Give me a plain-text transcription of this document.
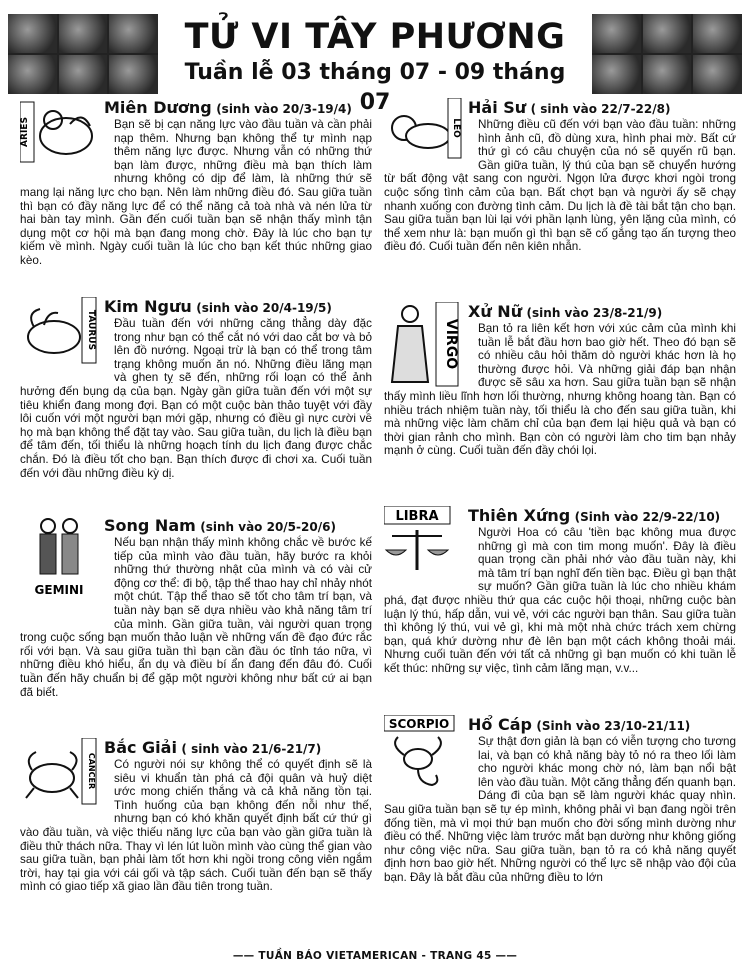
TỬ VI TÂY PHƯƠNG
Tuần lễ 03 tháng 07 - 09 tháng 07
ARIES
Miên Dương (sinh vào 20/3-19/4)

Bạn sẽ bị cạn năng lực vào đầu tuần và cần phải nạp thêm. Nhưng bạn không thể tự mình nạp thêm năng lực được. Nhưng vẫn có những thứ bạn làm được, những điều mà bạn thích làm nhưng không có dịp để làm, là những thứ sẽ mang lại năng lực cho bạn. Nên làm những điều đó. Sau giữa tuần thì bạn có đầy năng lực để có thể năng cả toà nhà và nén lửa từ hai bàn tay mình. Gần đến cuối tuần bạn sẽ nhận thấy mình tận dụng một cơ hội mà bạn đang mong chờ. Đây là lúc cho bạn tự kiếm về mình. Ngày cuối tuần là lúc cho bạn kết thúc những giao kèo.

TAURUS
Kim Ngưu (sinh vào 20/4-19/5)

Đầu tuần đến với những căng thẳng dày đặc trong như bạn có thể cắt nó với dao cắt bơ và bỏ lên đồ nướng. Ngoại trừ là bạn có thể trong tâm trạng không muốn ăn nó. Những điều lãng mạn và ghen tỵ sẽ đến, những rối loạn có thể ảnh hưởng đến bụng dạ của bạn. Ngày gần giữa tuần đến với một sự tiêu khiển đang mong đợi. Bạn có một cuộc bàn thảo tuyệt với đầy lôi cuốn với một người bạn mới gặp, nhưng có điều gì nực cười về họ mà bạn không thể đặt tay vào. Sau giữa tuần, du lịch là điều bạn để tâm đến, tối thiểu là những hoạch tính du lịch đang được chắc chắn. Đó là điều tốt cho bạn. Bạn thích được đi chơi xa. Cuối tuần đến với đầu những điều kỳ dị.

GEMINI
Song Nam (sinh vào 20/5-20/6)

Nếu bạn nhận thấy mình không chắc về bước kế tiếp của mình vào đầu tuần, hãy bước ra khỏi những thứ thường nhật của mình và có vài cử động cơ thể: đi bộ, tập thể thao hay chỉ nhảy nhót một chút. Tập thể thao sẽ tốt cho tâm trí bạn, và tuần này bạn sẽ dựa nhiều vào khả năng tâm trí của mình. Gần giữa tuần, vài người quan trọng trong cuộc sống bạn muốn thảo luận về những vấn đề đạo đức rắc rối với bạn. Và sau giữa tuần thì bạn cần đầu óc tỉnh táo nữa, vì những điều khó hiểu, ẩn dụ và điều bí ẩn đang đến đâu đó. Cuối tuần đến hãy chuẩn bị để gặp một người không như bất cứ ai bạn đã biết.

CANCER
Bắc Giải ( sinh vào 21/6-21/7)

Có người nói sự không thể có quyết định sẽ là siêu vi khuẩn tàn phá cả đội quân và huỷ diệt ước mong chiến thắng và cả khả năng tồn tại. Tình huống của bạn không đến nỗi như thế, nhưng bạn có khó khăn quyết định bất cứ thứ gì vào đầu tuần, và việc thiếu năng lực của bạn vào gần giữa tuần là điều thử thách nữa. Thay vì lén lút luồn mình vào cùng thể gian vào sau giữa tuần, bạn phải làm tốt hơn khi ngồi trong công viên ngắm trời, hay tại gia với cái gối và tập sách. Cuối tuần đến bạn sẽ thấy mình có giao tiếp xã giao lần đầu tiên trong tuần.

LEO
Hải Sư ( sinh vào 22/7-22/8)

Những điều cũ đến với bạn vào đầu tuần: những hình ảnh cũ, đồ dùng xưa, hình phai mờ. Bất cứ thứ gì có câu chuyện của nó sẽ quyến rũ bạn. Gần giữa tuần, lý thú của bạn sẽ chuyển hướng từ bất động vật sang con người. Ngọn lửa được khơi ngòi trong cuộc sống tình cảm của bạn. Bất chợt bạn và người ấy sẽ chạy nhanh xuống con đường tình cảm. Du lịch là đề tài bắt tận cho bạn. Sau giữa tuần bạn lùi lại với phần lạnh lùng, yên lặng của mình, có thể xem như là: bạn muốn gì thì bạn sẽ cố gắng tạo ấn tượng theo điều đó. Cuối tuần đến nên kiên nhẫn.

VIRGO
Xử Nữ (sinh vào 23/8-21/9)

Bạn tỏ ra liên kết hơn với xúc cảm của mình khi tuần lễ bắt đầu hơn bao giờ hết. Theo đó bạn sẽ có nhiều câu hỏi thăm dò người khác hơn là họ thường được hỏi. Và những giải đáp bạn nhận được sẽ sâu xa hơn. Sau giữa tuần bạn sẽ nhận thấy mình liều lĩnh hơn lối thường, nhưng không hoang tàn. Bạn có nhiều trách nhiệm tuần này, tối thiểu là cho đến sau giữa tuần, khi mà những việc làm chăm chỉ của bạn đem lại hiệu quả và bạn có thời gian rảnh cho mình. Bạn còn có người làm cho tim bạn nhảy mạnh ở cùng. Cuối tuần đến đầy chói lọi.

LIBRA Thiên Xứng (Sinh vào 22/9-22/10)

Người Hoa có câu 'tiền bạc không mua được những gì mà con tim mong muốn'. Đây là điều quan trọng cần phải nhớ vào đầu tuần này, khi mà tâm trí bạn nghĩ đến tiền bạc. Điều gì bạn thật sự muốn? Gần giữa tuần là lúc cho nhiều khám phá, đạt được nhiều thứ qua các cuộc hội thoại, những cuộc bàn luận lý thú, hấp dẫn, vui vẻ, với các người bạn thân. Sau giữa tuần thì không lý thú, vui vẻ gì, khi mà một nhà chức trách xem chừng bạn, quá khứ dường như đè lên bạn một cách không thoải mái. Nhưng cuối tuần đến với tất cả những gì bạn muốn có khi tuần lễ kết thúc: những sự việc, tình cảm lãng mạn, v.v...

SCORPIO Hổ Cáp (Sinh vào 23/10-21/11)

Sự thật đơn giản là bạn có viễn tượng cho tương lai, và bạn có khả năng bày tỏ nó ra theo lối làm cho người khác mong chờ nó, làm bạn nổi bật lên vào đầu tuần. Một căng thẳng đến quanh bạn. Dáng đi của bạn sẽ làm người khác quay nhìn. Sau giữa tuần bạn sẽ tự ép mình, không phải vì bạn đang ngồi trên đống tiền, mà vì mọi thứ bạn muốn cho đời sống mình dường như điều có thể. Những việc làm trước mắt bạn dường như không giống như công việc nữa. Sau giữa tuần, bạn tỏ ra có khả năng quyết định hơn bao giờ hết. Những người có thể lực sẽ nhập vào đội của bạn. Đây là bắt đầu của những điều to lớn

—— TUẦN BÁO VIETAMERICAN - TRANG 45 ——
